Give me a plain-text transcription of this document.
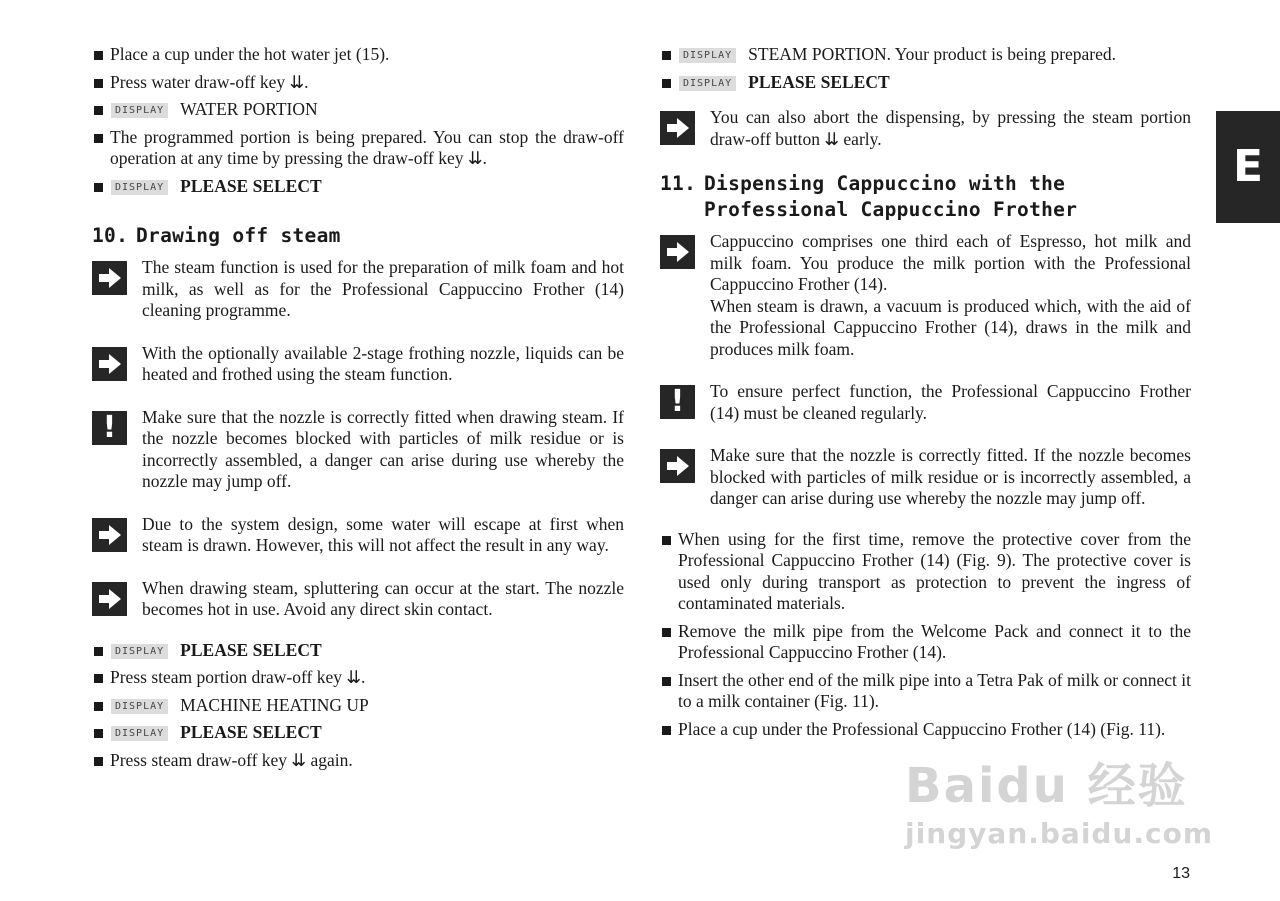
Place a cup under the hot water jet (15).
Press water draw-off key ⇊.
DISPLAY WATER PORTION
The programmed portion is being prepared. You can stop the draw-off operation at any time by pressing the draw-off key ⇊.
DISPLAY PLEASE SELECT
10. Drawing off steam

The steam function is used for the preparation of milk foam and hot milk, as well as for the Professional Cappuccino Frother (14) cleaning programme.

With the optionally available 2-stage frothing nozzle, liquids can be heated and frothed using the steam function.

!	Make sure that the nozzle is correctly fitted when drawing steam. If the nozzle becomes blocked with particles of milk residue or is incorrectly assembled, a danger can arise during use whereby the nozzle may jump off.

Due to the system design, some water will escape at first when steam is drawn. However, this will not affect the result in any way.

When drawing steam, spluttering can occur at the start. The nozzle becomes hot in use. Avoid any direct skin contact.

DISPLAY PLEASE SELECT
Press steam portion draw-off key ⇊.
DISPLAY MACHINE HEATING UP
DISPLAY PLEASE SELECT
Press steam draw-off key ⇊ again.
DISPLAY STEAM PORTION. Your product is being prepared.
DISPLAY PLEASE SELECT

You can also abort the dispensing, by pressing the steam portion draw-off button ⇊ early.

11. Dispensing Cappuccino with the
Professional Cappuccino Frother

Cappuccino comprises one third each of Espresso, hot milk and milk foam. You produce the milk portion with the Professional Cappuccino Frother (14).

When steam is drawn, a vacuum is produced which, with the aid of the Professional Cappuccino Frother (14), draws in the milk and produces milk foam.

!	To ensure perfect function, the Professional Cappuccino Frother (14) must be cleaned regularly.

Make sure that the nozzle is correctly fitted. If the nozzle becomes blocked with particles of milk residue or is incorrectly assembled, a danger can arise during use whereby the nozzle may jump off.

When using for the first time, remove the protective cover from the Professional Cappuccino Frother (14) (Fig. 9). The protective cover is used only during transport as protection to prevent the ingress of contaminated materials.
Remove the milk pipe from the Welcome Pack and connect it to the Professional Cappuccino Frother (14).
Insert the other end of the milk pipe into a Tetra Pak of milk or connect it to a milk container (Fig. 11).
Place a cup under the Professional Cappuccino Frother (14) (Fig. 11).
E
13
Baidu 经验
jingyan.baidu.com
